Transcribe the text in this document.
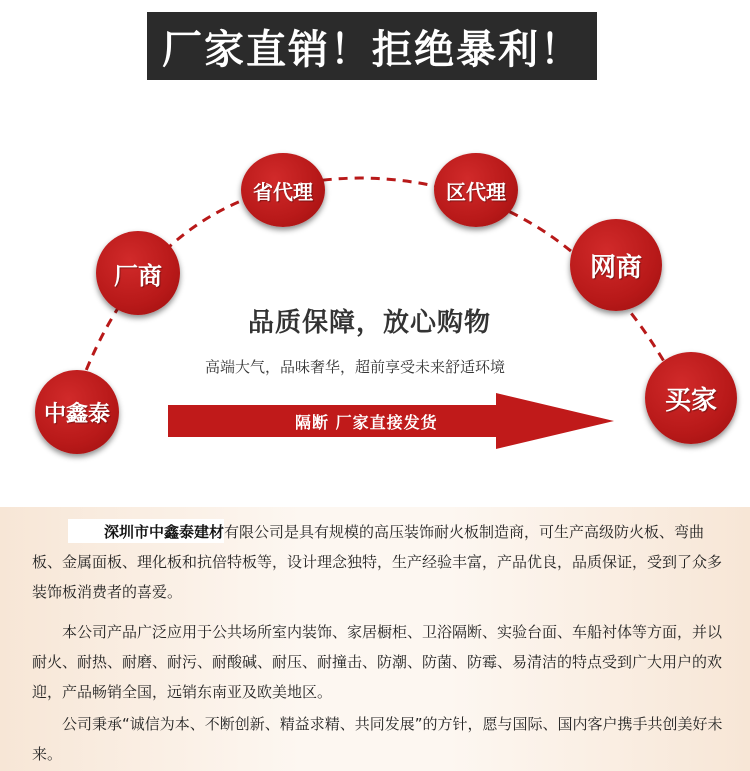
厂家直销！拒绝暴利！
中鑫泰
厂商
省代理	区代理
网商
买家
品质保障，放心购物
高端大气，品味奢华，超前享受未来舒适环境
隔断 厂家直接发货

深圳市中鑫泰建材有限公司是具有规模的高压装饰耐火板制造商，可生产高级防火板、弯曲板、金属面板、理化板和抗倍特板等，设计理念独特，生产经验丰富，产品优良，品质保证，受到了众多装饰板消费者的喜爱。

本公司产品广泛应用于公共场所室内装饰、家居橱柜、卫浴隔断、实验台面、车船衬体等方面，并以耐火、耐热、耐磨、耐污、耐酸碱、耐压、耐撞击、防潮、防菌、防霉、易清洁的特点受到广大用户的欢迎，产品畅销全国，远销东南亚及欧美地区。

公司秉承“诚信为本、不断创新、精益求精、共同发展”的方针，愿与国际、国内客户携手共创美好未来。
